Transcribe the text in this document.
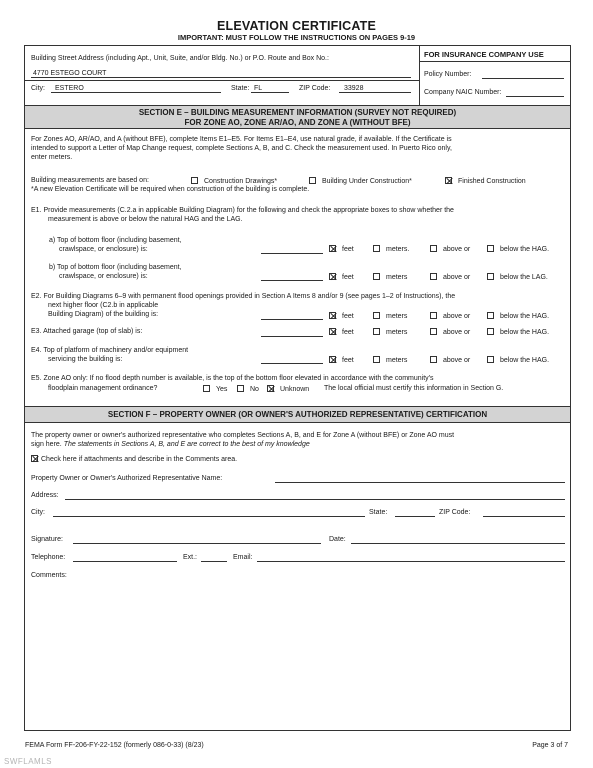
ELEVATION CERTIFICATE
IMPORTANT: MUST FOLLOW THE INSTRUCTIONS ON PAGES 9-19
Building Street Address (including Apt., Unit, Suite, and/or Bldg. No.) or P.O. Route and Box No.:
4770 ESTEGO COURT
City: ESTERO	State: FL	ZIP Code: 33928
FOR INSURANCE COMPANY USE
Policy Number:
Company NAIC Number:
SECTION E – BUILDING MEASUREMENT INFORMATION (SURVEY NOT REQUIRED)
FOR ZONE AO, ZONE AR/AO, AND ZONE A (WITHOUT BFE)
For Zones AO, AR/AO, and A (without BFE), complete Items E1–E5. For Items E1–E4, use natural grade, if available. If the Certificate is
intended to support a Letter of Map Change request, complete Sections A, B, and C. Check the measurement used. In Puerto Rico only,
enter meters.
Building measurements are based on:	Construction Drawings*	Building Under Construction*	Finished Construction
*A new Elevation Certificate will be required when construction of the building is complete.
E1. Provide measurements (C.2.a in applicable Building Diagram) for the following and check the appropriate boxes to show whether the
measurement is above or below the natural HAG and the LAG.
a) Top of bottom floor (including basement,
crawlspace, or enclosure) is:	feet	meters.	above or	below the HAG.
b) Top of bottom floor (including basement,
crawlspace, or enclosure) is:	feet	meters	above or	below the LAG.
E2. For Building Diagrams 6–9 with permanent flood openings provided in Section A Items 8 and/or 9 (see pages 1–2 of Instructions), the
next higher floor (C2.b in applicable
Building Diagram) of the building is:	feet	meters	above or	below the HAG.
E3. Attached garage (top of slab) is:	feet	meters	above or	below the HAG.
E4. Top of platform of machinery and/or equipment
servicing the building is:	feet	meters	above or	below the HAG.
E5. Zone AO only: If no flood depth number is available, is the top of the bottom floor elevated in accordance with the community's
floodplain management ordinance?	Yes	No	Unknown The local official must certify this information in Section G.
SECTION F – PROPERTY OWNER (OR OWNER'S AUTHORIZED REPRESENTATIVE) CERTIFICATION
The property owner or owner's authorized representative who completes Sections A, B, and E for Zone A (without BFE) or Zone AO must
sign here. The statements in Sections A, B, and E are correct to the best of my knowledge
Check here if attachments and describe in the Comments area.
Property Owner or Owner's Authorized Representative Name:
Address:
City:	State:	ZIP Code:
Signature:	Date:
Telephone:	Ext.:	Email:
Comments:
FEMA Form FF-206-FY-22-152 (formerly 086-0-33) (8/23)	Page 3 of 7
SWFLAMLS
